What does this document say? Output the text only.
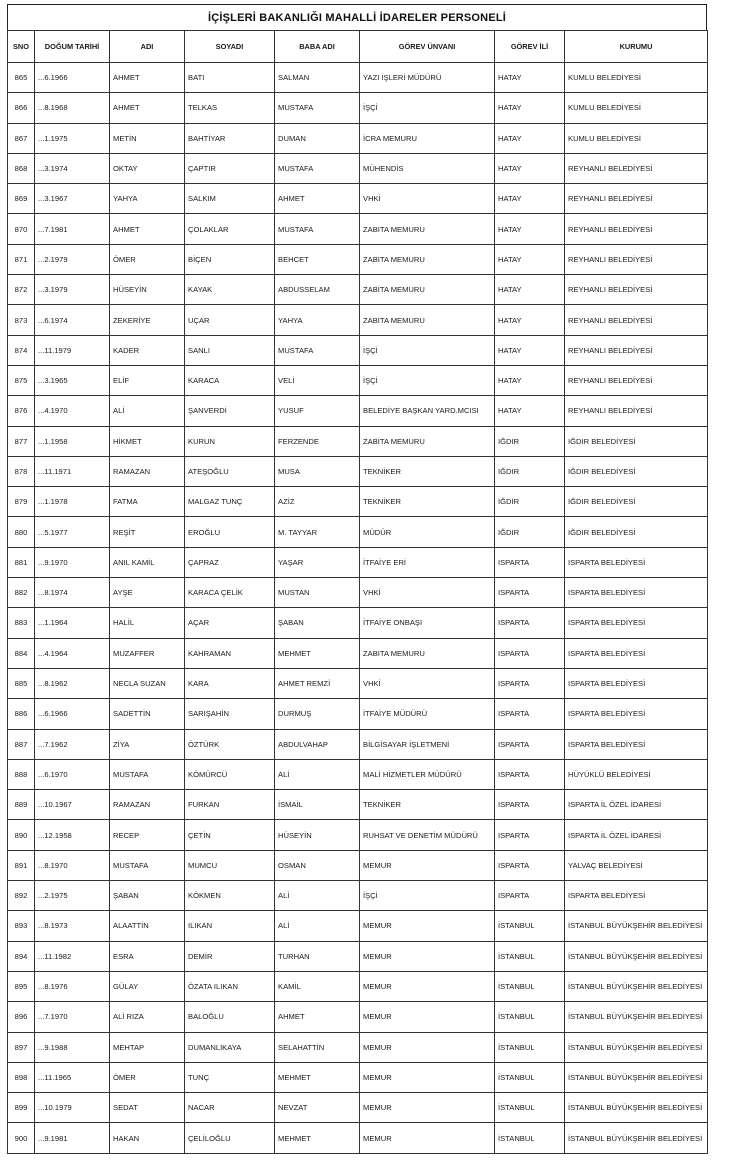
İÇİŞLERİ BAKANLIĞI MAHALLİ İDARELER PERSONELİ
SNO	DOĞUM TARİHİ	ADI	SOYADI	BABA ADI	GÖREV ÜNVANI	GÖREV İLİ	KURUMU
865	...6.1966	AHMET	BATI	SALMAN	YAZI İŞLERİ MÜDÜRÜ	HATAY	KUMLU BELEDİYESİ
866	...8.1968	AHMET	TELKAS	MUSTAFA	İŞÇİ	HATAY	KUMLU BELEDİYESİ
867	...1.1975	METİN	BAHTİYAR	DUMAN	İCRA MEMURU	HATAY	KUMLU BELEDİYESİ
868	...3.1974	OKTAY	ÇAPTIR	MUSTAFA	MÜHENDİS	HATAY	REYHANLI BELEDİYESİ
869	...3.1967	YAHYA	SALKIM	AHMET	VHKİ	HATAY	REYHANLI BELEDİYESİ
870	...7.1981	AHMET	ÇOLAKLAR	MUSTAFA	ZABITA MEMURU	HATAY	REYHANLI BELEDİYESİ
871	...2.1979	ÖMER	BİÇEN	BEHCET	ZABITA MEMURU	HATAY	REYHANLI BELEDİYESİ
872	...3.1979	HÜSEYİN	KAYAK	ABDUSSELAM	ZABITA MEMURU	HATAY	REYHANLI BELEDİYESİ
873	...6.1974	ZEKERİYE	UÇAR	YAHYA	ZABITA MEMURU	HATAY	REYHANLI BELEDİYESİ
874	...11.1979	KADER	SANLI	MUSTAFA	İŞÇİ	HATAY	REYHANLI BELEDİYESİ
875	...3.1965	ELİF	KARACA	VELİ	İŞÇİ	HATAY	REYHANLI BELEDİYESİ
876	...4.1970	ALİ	ŞANVERDİ	YUSUF	BELEDİYE BAŞKAN YARD.MCISI	HATAY	REYHANLI BELEDİYESİ
877	...1.1958	HİKMET	KURUN	FERZENDE	ZABITA MEMURU	IĞDIR	IĞDIR BELEDİYESİ
878	...11.1971	RAMAZAN	ATEŞOĞLU	MUSA	TEKNİKER	IĞDIR	IĞDIR BELEDİYESİ
879	...1.1978	FATMA	MALGAZ TUNÇ	AZİZ	TEKNİKER	IĞDIR	IĞDIR BELEDİYESİ
880	...5.1977	REŞİT	EROĞLU	M. TAYYAR	MÜDÜR	IĞDIR	IĞDIR BELEDİYESİ
881	...9.1970	ANIL KAMİL	ÇAPRAZ	YAŞAR	İTFAİYE ERİ	ISPARTA	ISPARTA BELEDİYESİ
882	...8.1974	AYŞE	KARACA ÇELİK	MUSTAN	VHKİ	ISPARTA	ISPARTA BELEDİYESİ
883	...1.1964	HALİL	AÇAR	ŞABAN	İTFAİYE ONBAŞI	ISPARTA	ISPARTA BELEDİYESİ
884	...4.1964	MUZAFFER	KAHRAMAN	MEHMET	ZABITA MEMURU	ISPARTA	ISPARTA BELEDİYESİ
885	...8.1962	NECLA SUZAN	KARA	AHMET REMZİ	VHKİ	ISPARTA	ISPARTA BELEDİYESİ
886	...6.1966	SADETTİN	SARIŞAHİN	DURMUŞ	İTFAİYE MÜDÜRÜ	ISPARTA	ISPARTA BELEDİYESİ
887	...7.1962	ZİYA	ÖZTÜRK	ABDULVAHAP	BİLGİSAYAR İŞLETMENİ	ISPARTA	ISPARTA BELEDİYESİ
888	...6.1970	MUSTAFA	KÖMÜRCÜ	ALİ	MALİ HİZMETLER MÜDÜRÜ	ISPARTA	HÜYÜKLÜ BELEDİYESİ
889	...10.1967	RAMAZAN	FURKAN	İSMAİL	TEKNİKER	ISPARTA	ISPARTA İL ÖZEL İDARESİ
890	...12.1958	RECEP	ÇETİN	HÜSEYİN	RUHSAT VE DENETİM MÜDÜRÜ	ISPARTA	ISPARTA İL ÖZEL İDARESİ
891	...8.1970	MUSTAFA	MUMCU	OSMAN	MEMUR	ISPARTA	YALVAÇ BELEDİYESİ
892	...2.1975	ŞABAN	KÖKMEN	ALİ	İŞÇİ	ISPARTA	ISPARTA BELEDİYESİ
893	...8.1973	ALAATTİN	ILIKAN	ALİ	MEMUR	İSTANBUL	İSTANBUL BÜYÜKŞEHİR BELEDİYESİ
894	...11.1982	ESRA	DEMİR	TURHAN	MEMUR	İSTANBUL	İSTANBUL BÜYÜKŞEHİR BELEDİYESİ
895	...8.1976	GÜLAY	ÖZATA ILIKAN	KAMİL	MEMUR	İSTANBUL	İSTANBUL BÜYÜKŞEHİR BELEDİYESİ
896	...7.1970	ALİ RIZA	BALOĞLU	AHMET	MEMUR	İSTANBUL	İSTANBUL BÜYÜKŞEHİR BELEDİYESİ
897	...9.1988	MEHTAP	DUMANLIKAYA	SELAHATTİN	MEMUR	İSTANBUL	İSTANBUL BÜYÜKŞEHİR BELEDİYESİ
898	...11.1965	ÖMER	TUNÇ	MEHMET	MEMUR	İSTANBUL	İSTANBUL BÜYÜKŞEHİR BELEDİYESİ
899	...10.1979	SEDAT	NACAR	NEVZAT	MEMUR	İSTANBUL	İSTANBUL BÜYÜKŞEHİR BELEDİYESİ
900	...9.1981	HAKAN	ÇELİLOĞLU	MEHMET	MEMUR	İSTANBUL	İSTANBUL BÜYÜKŞEHİR BELEDİYESİ
